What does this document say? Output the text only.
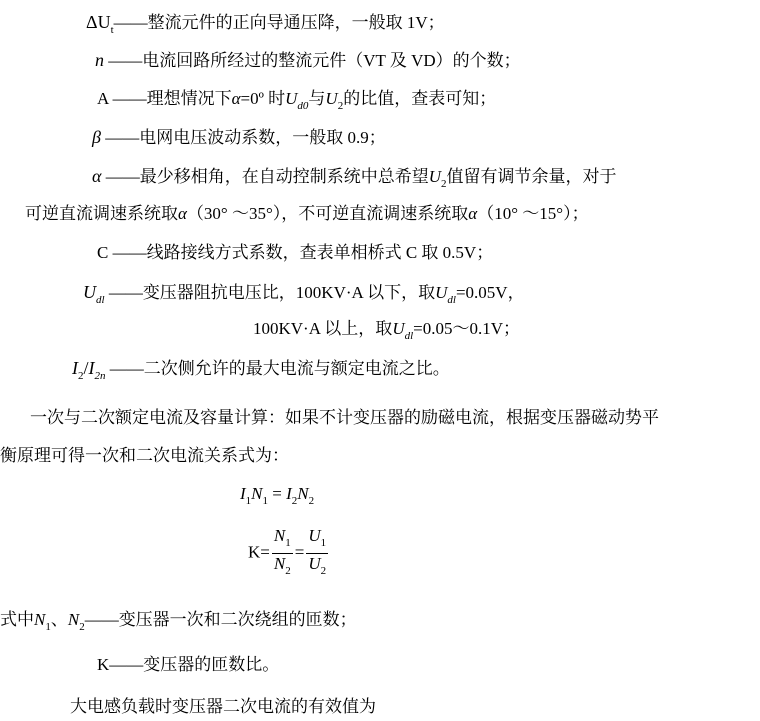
$\Delta U_t——$整流元件的正向导通压降，一般取 1V；
n ——电流回路所经过的整流元件（VT 及 VD）的个数；
A ——理想情况下α=0º 时$U_{d0}$与$U_2$的比值，查表可知；
β ——电网电压波动系数，一般取 0.9；
α ——最少移相角，在自动控制系统中总希望$U_2$值留有调节余量，对于
可逆直流调速系统取α（30° ～35°），不可逆直流调速系统取α（10° ～15°）；
C ——线路接线方式系数，查表单相桥式 C 取 0.5V；
$U_{dl}$ ——变压器阻抗电压比，100KV·A 以下，取$U_{dl}=0.05V$，
100KV·A 以上，取$U_{dl}=0.05\sim 0.1V$；
$I_2/I_{2n}$ ——二次侧允许的最大电流与额定电流之比。
一次与二次额定电流及容量计算：如果不计变压器的励磁电流，根据变压器磁动势平
衡原理可得一次和二次电流关系式为：
$I_1N_1 = I_2N_2$
$K= \frac{N_1}{N_2} = \frac{U_1}{U_2}$
式中$N_1$、$N_2——$变压器一次和二次绕组的匝数；
K——变压器的匝数比。
大电感负载时变压器二次电流的有效值为
